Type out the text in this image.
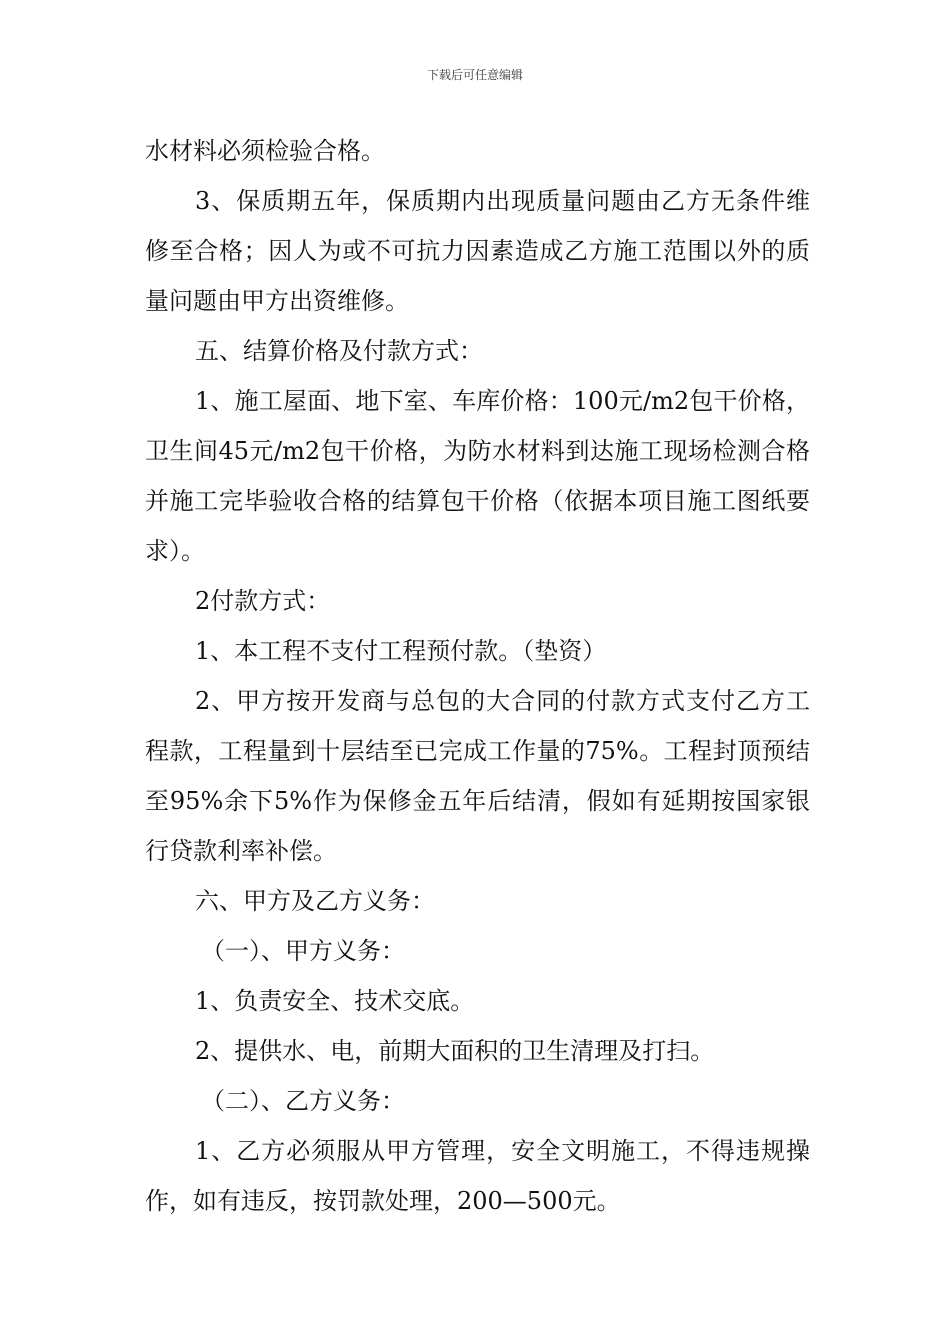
下载后可任意编辑

水材料必须检验合格。

3、保质期五年，保质期内出现质量问题由乙方无条件维修至合格；因人为或不可抗力因素造成乙方施工范围以外的质量问题由甲方出资维修。

五、结算价格及付款方式：

1、施工屋面、地下室、车库价格：100元/m2包干价格，卫生间45元/m2包干价格，为防水材料到达施工现场检测合格并施工完毕验收合格的结算包干价格（依据本项目施工图纸要求）。

2付款方式：

1、本工程不支付工程预付款。（垫资）

2、甲方按开发商与总包的大合同的付款方式支付乙方工程款，工程量到十层结至已完成工作量的75%。工程封顶预结至95%余下5%作为保修金五年后结清，假如有延期按国家银行贷款利率补偿。

六、甲方及乙方义务：

（一）、甲方义务：

1、负责安全、技术交底。

2、提供水、电，前期大面积的卫生清理及打扫。

（二）、乙方义务：

1、乙方必须服从甲方管理，安全文明施工，不得违规操作，如有违反，按罚款处理，200—500元。
